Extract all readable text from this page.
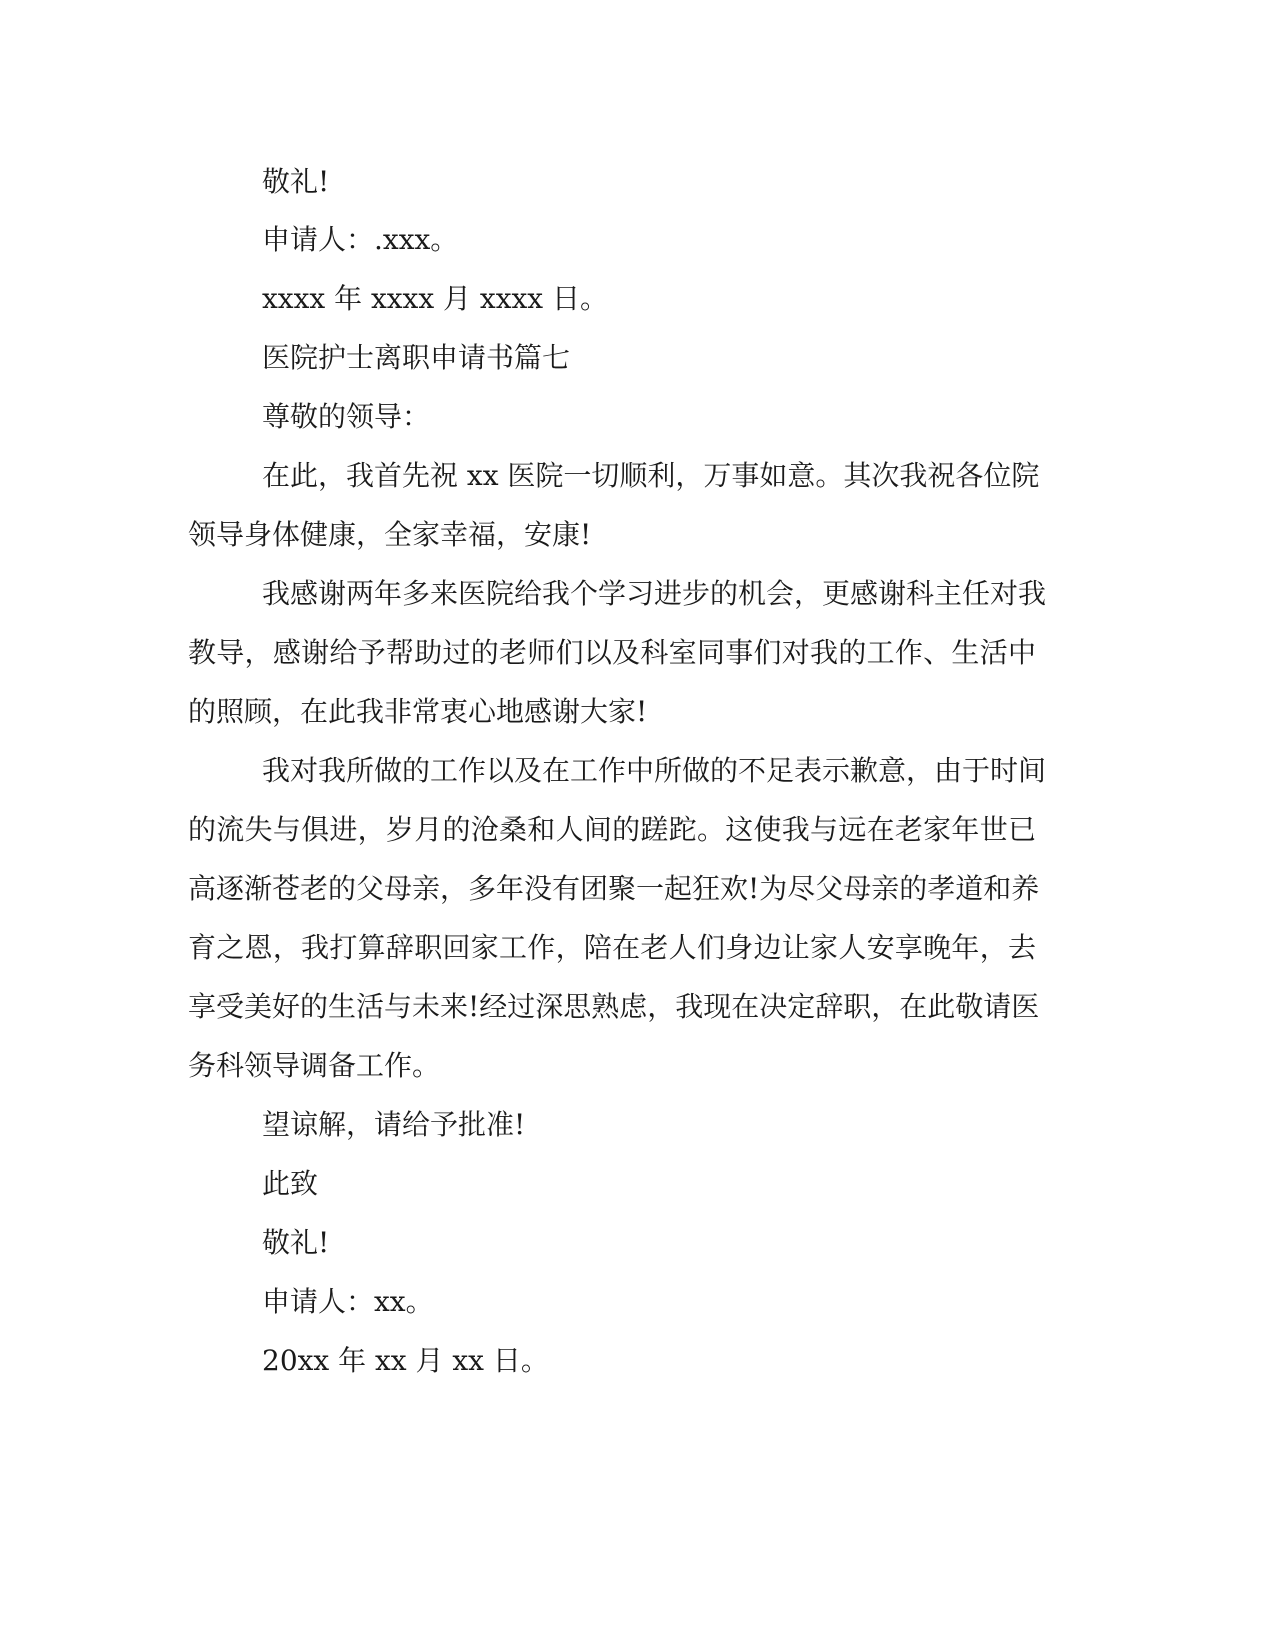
敬礼!
申请人：.xxx。
xxxx 年 xxxx 月 xxxx 日。
医院护士离职申请书篇七
尊敬的领导：
在此，我首先祝 xx 医院一切顺利，万事如意。其次我祝各位院
领导身体健康，全家幸福，安康!
我感谢两年多来医院给我个学习进步的机会，更感谢科主任对我
教导，感谢给予帮助过的老师们以及科室同事们对我的工作、生活中
的照顾，在此我非常衷心地感谢大家!
我对我所做的工作以及在工作中所做的不足表示歉意，由于时间
的流失与俱进，岁月的沧桑和人间的蹉跎。这使我与远在老家年世已
高逐渐苍老的父母亲，多年没有团聚一起狂欢!为尽父母亲的孝道和养
育之恩，我打算辞职回家工作，陪在老人们身边让家人安享晚年，去
享受美好的生活与未来!经过深思熟虑，我现在决定辞职，在此敬请医
务科领导调备工作。
望谅解，请给予批准!
此致
敬礼!
申请人：xx。
20xx 年 xx 月 xx 日。
